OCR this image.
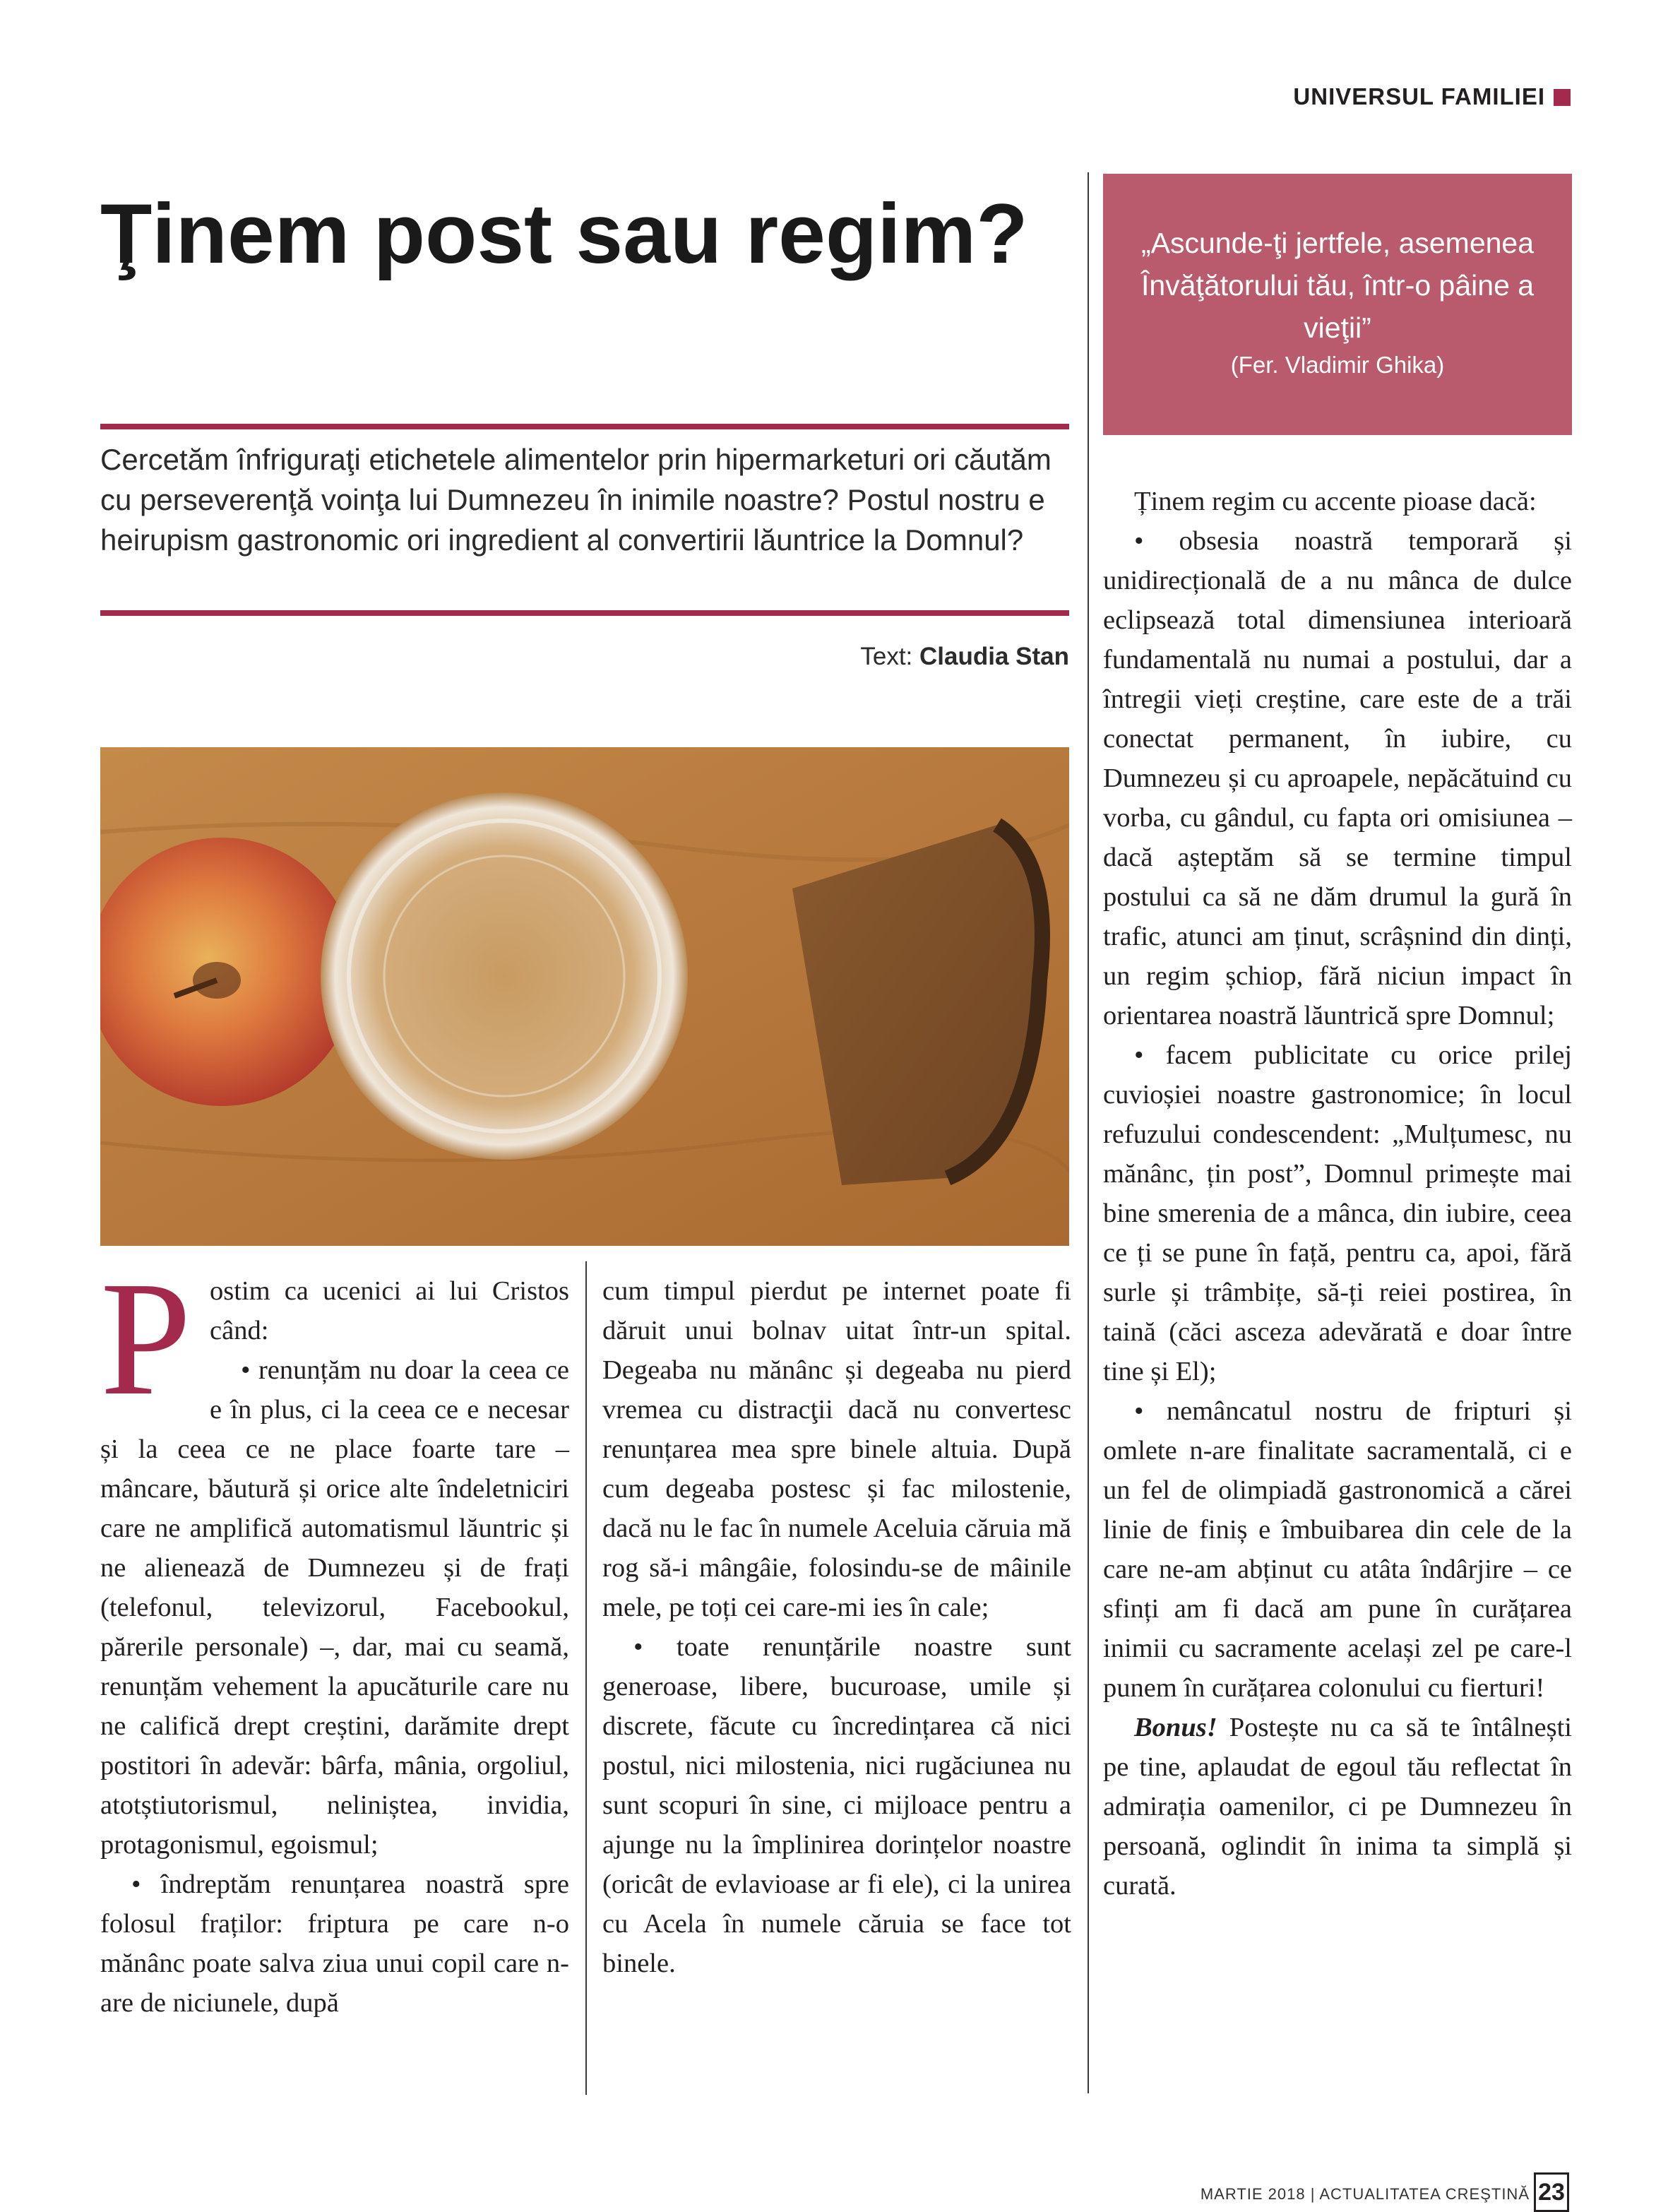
UNIVERSUL FAMILIEI
Ţinem post sau regim?

Cercetăm înfriguraţi etichetele alimentelor prin hipermarketuri ori căutăm cu perseverenţă voinţa lui Dumnezeu în inimile noastre? Postul nostru e heirupism gastronomic ori ingredient al convertirii lăuntrice la Domnul?

Text: Claudia Stan
„Ascunde-ţi jertfele, asemenea Învăţătorului tău, într-o pâine a vieţii”
(Fer. Vladimir Ghika)
P ostim ca ucenici ai lui Cristos când:

• renunțăm nu doar la ceea ce e în plus, ci la ceea ce e necesar și la ceea ce ne place foarte tare – mâncare, băutură și orice alte îndeletniciri care ne amplifică automatismul lăuntric și ne alienează de Dumnezeu și de frați (telefonul, televizorul, Facebookul, părerile personale) –, dar, mai cu seamă, renunțăm vehement la apucăturile care nu ne califică drept creștini, darămite drept postitori în adevăr: bârfa, mânia, orgoliul, atotștiutorismul, neliniștea, invidia, protagonismul, egoismul;

• îndreptăm renunțarea noastră spre folosul fraților: friptura pe care n-o mănânc poate salva ziua unui copil care n-are de niciunele, după

cum timpul pierdut pe internet poate fi dăruit unui bolnav uitat într-un spital. Degeaba nu mănânc și degeaba nu pierd vremea cu distracţii dacă nu convertesc renunțarea mea spre binele altuia. După cum degeaba postesc și fac milostenie, dacă nu le fac în numele Aceluia căruia mă rog să-i mângâie, folosindu-se de mâinile mele, pe toți cei care-mi ies în cale;

• toate renunțările noastre sunt generoase, libere, bucuroase, umile și discrete, făcute cu încredințarea că nici postul, nici milostenia, nici rugăciunea nu sunt scopuri în sine, ci mijloace pentru a ajunge nu la împlinirea dorințelor noastre (oricât de evlavioase ar fi ele), ci la unirea cu Acela în numele căruia se face tot binele.

Ținem regim cu accente pioase dacă:

• obsesia noastră temporară și unidirecțională de a nu mânca de dulce eclipsează total dimensiunea interioară fundamentală nu numai a postului, dar a întregii vieți creștine, care este de a trăi conectat permanent, în iubire, cu Dumnezeu și cu aproapele, nepăcătuind cu vorba, cu gândul, cu fapta ori omisiunea – dacă așteptăm să se termine timpul postului ca să ne dăm drumul la gură în trafic, atunci am ținut, scrâșnind din dinți, un regim șchiop, fără niciun impact în orientarea noastră lăuntrică spre Domnul;

• facem publicitate cu orice prilej cuvioșiei noastre gastronomice; în locul refuzului condescendent: „Mulțumesc, nu mănânc, țin post”, Domnul primește mai bine smerenia de a mânca, din iubire, ceea ce ți se pune în față, pentru ca, apoi, fără surle și trâmbițe, să-ți reiei postirea, în taină (căci asceza adevărată e doar între tine și El);

• nemâncatul nostru de fripturi și omlete n-are finalitate sacramentală, ci e un fel de olimpiadă gastronomică a cărei linie de finiș e îmbuibarea din cele de la care ne-am abținut cu atâta îndârjire – ce sfinți am fi dacă am pune în curățarea inimii cu sacramente același zel pe care-l punem în curățarea colonului cu fierturi!

Bonus! Postește nu ca să te întâlnești pe tine, aplaudat de egoul tău reflectat în admirația oamenilor, ci pe Dumnezeu în persoană, oglindit în inima ta simplă și curată.

MARTIE 2018 | ACTUALITATEA CREŞTINĂ 23
